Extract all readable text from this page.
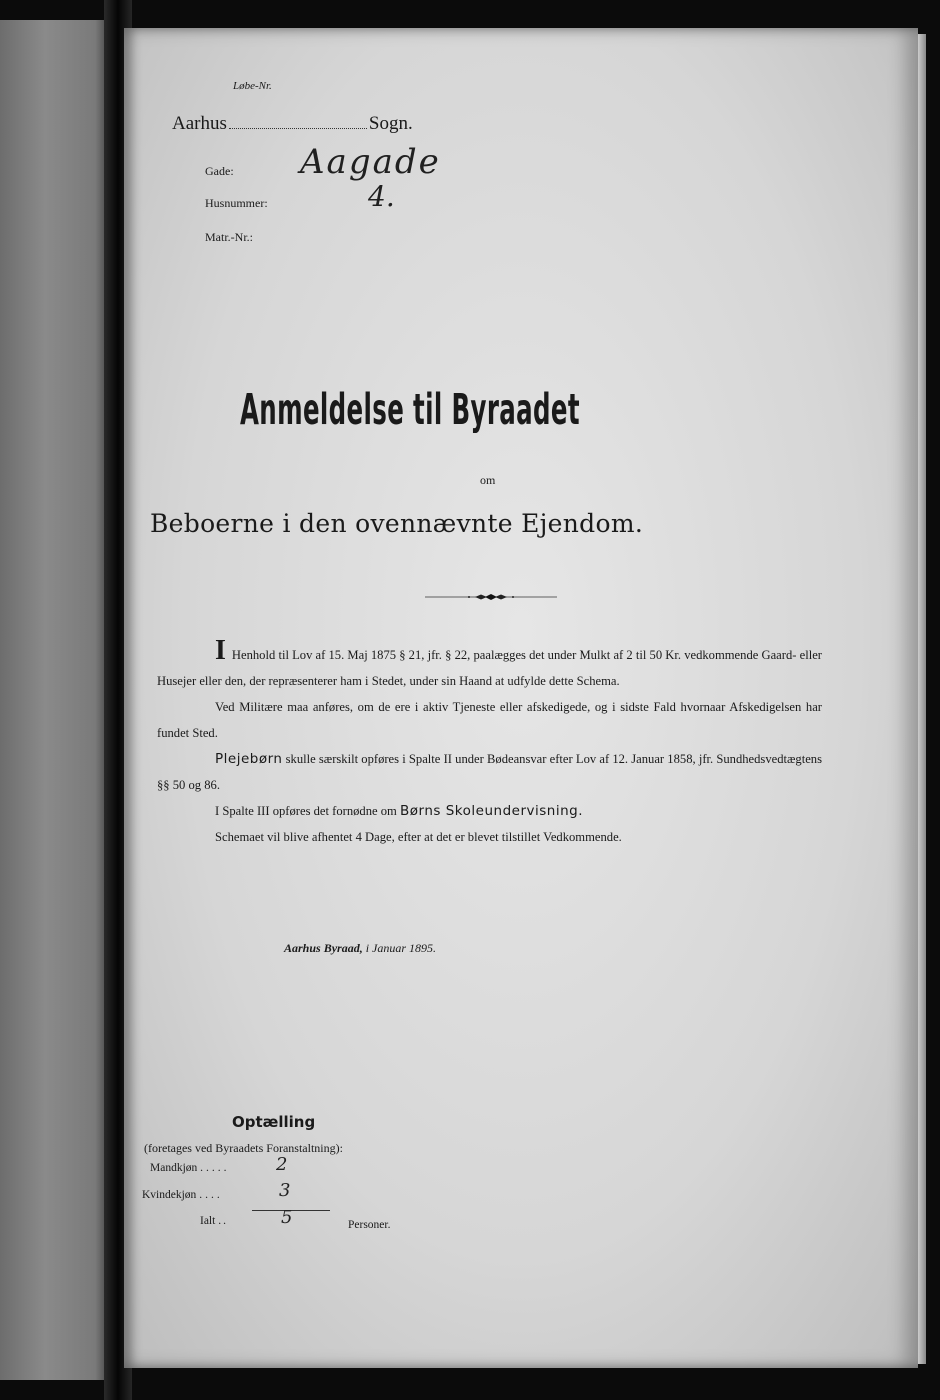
Løbe-Nr.
Aarhus	Sogn.
Gade: Aagade
Husnummer:	4.
Matr.-Nr.:
Anmeldelse til Byraadet
om
Beboerne i den ovennævnte Ejendom.

I Henhold til Lov af 15. Maj 1875 § 21, jfr. § 22, paalægges det under Mulkt af 2 til 50 Kr. vedkommende Gaard- eller Husejer eller den, der repræsenterer ham i Stedet, under sin Haand at udfylde dette Schema.

Ved Militære maa anføres, om de ere i aktiv Tjeneste eller afskedigede, og i sidste Fald hvornaar Afskedigelsen har fundet Sted.

Plejebørn skulle særskilt opføres i Spalte II under Bødeansvar efter Lov af 12. Januar 1858, jfr. Sundhedsvedtægtens §§ 50 og 86.

I Spalte III opføres det fornødne om Børns Skoleundervisning.

Schemaet vil blive afhentet 4 Dage, efter at det er blevet tilstillet Vedkommende.

Aarhus Byraad, i Januar 1895.
Optælling
(foretages ved Byraadets Foranstaltning):
Mandkjøn .....	2
Kvindekjøn ....	3
Ialt ..	5	Personer.
